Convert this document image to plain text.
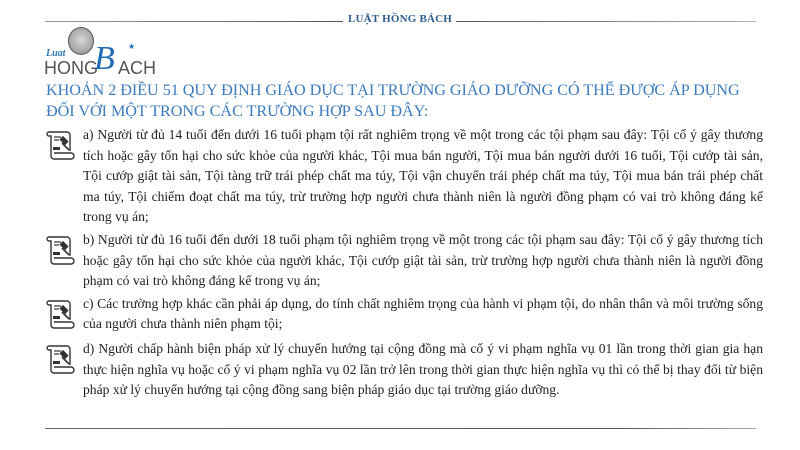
LUẬT HỒNG BÁCH
Luat
HONG
B ★
ACH
KHOẢN 2 ĐIỀU 51 QUY ĐỊNH GIÁO DỤC TẠI TRƯỜNG GIÁO DƯỠNG CÓ THỂ ĐƯỢC ÁP DỤNG ĐỐI VỚI MỘT TRONG CÁC TRƯỜNG HỢP SAU ĐÂY:
a) Người từ đủ 14 tuổi đến dưới 16 tuổi phạm tội rất nghiêm trọng về một trong các tội phạm sau đây: Tội cố ý gây thương tích hoặc gây tổn hại cho sức khỏe của người khác, Tội mua bán người, Tội mua bán người dưới 16 tuổi, Tội cướp tài sản, Tội cướp giật tài sản, Tội tàng trữ trái phép chất ma túy, Tội vận chuyển trái phép chất ma túy, Tội mua bán trái phép chất ma túy, Tội chiếm đoạt chất ma túy, trừ trường hợp người chưa thành niên là người đồng phạm có vai trò không đáng kể trong vụ án;
b) Người từ đủ 16 tuổi đến dưới 18 tuổi phạm tội nghiêm trọng về một trong các tội phạm sau đây: Tội cố ý gây thương tích hoặc gây tổn hại cho sức khỏe của người khác, Tội cướp giật tài sản, trừ trường hợp người chưa thành niên là người đồng phạm có vai trò không đáng kể trong vụ án;
c) Các trường hợp khác cần phải áp dụng, do tính chất nghiêm trọng của hành vi phạm tội, do nhân thân và môi trường sống của người chưa thành niên phạm tội;
d) Người chấp hành biện pháp xử lý chuyển hướng tại cộng đồng mà cố ý vi phạm nghĩa vụ 01 lần trong thời gian gia hạn thực hiện nghĩa vụ hoặc cố ý vi phạm nghĩa vụ 02 lần trở lên trong thời gian thực hiện nghĩa vụ thì có thể bị thay đổi từ biện pháp xử lý chuyển hướng tại cộng đồng sang biện pháp giáo dục tại trường giáo dưỡng.
